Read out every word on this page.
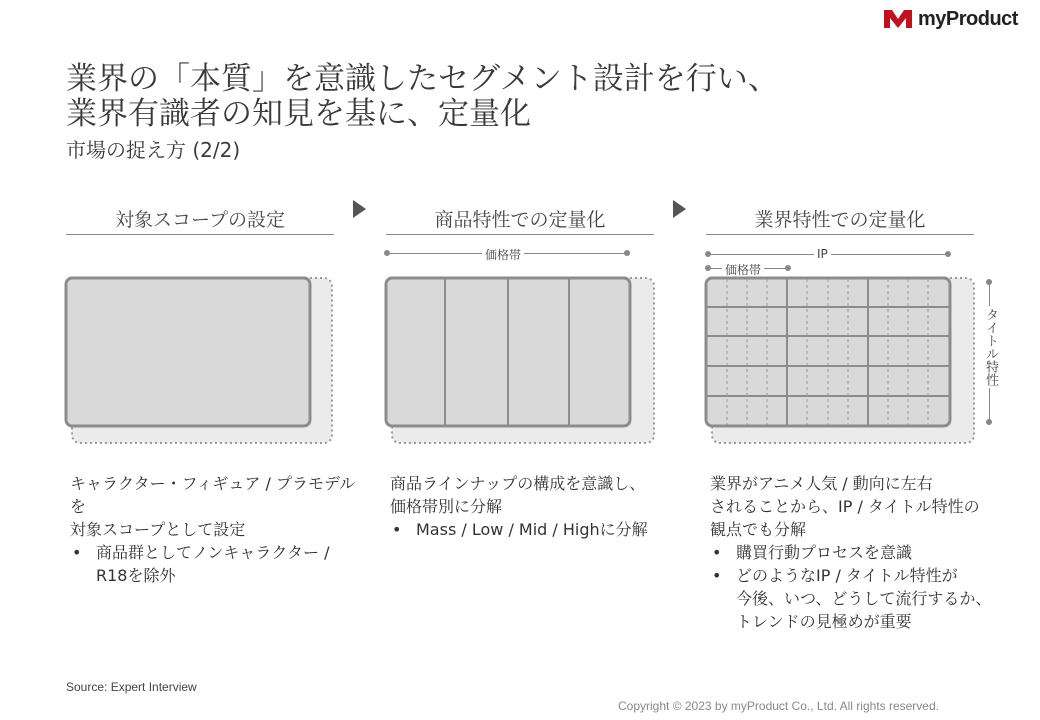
myProduct
業界の「本質」を意識したセグメント設計を行い、
業界有識者の知見を基に、定量化
市場の捉え方 (2/2)
対象スコープの設定	商品特性での定量化	業界特性での定量化
価格帯	IP
価格帯
タイトル特性
キャラクター・フィギュア / プラモデルを
対象スコープとして設定
• 商品群としてノンキャラクター /
R18を除外
商品ラインナップの構成を意識し、
価格帯別に分解
• Mass / Low / Mid / Highに分解
業界がアニメ人気 / 動向に左右
されることから、IP / タイトル特性の
観点でも分解
• 購買行動プロセスを意識
• どのようなIP / タイトル特性が
今後、いつ、どうして流行するか、
トレンドの見極めが重要
Source: Expert Interview
Copyright © 2023 by myProduct Co., Ltd. All rights reserved.
